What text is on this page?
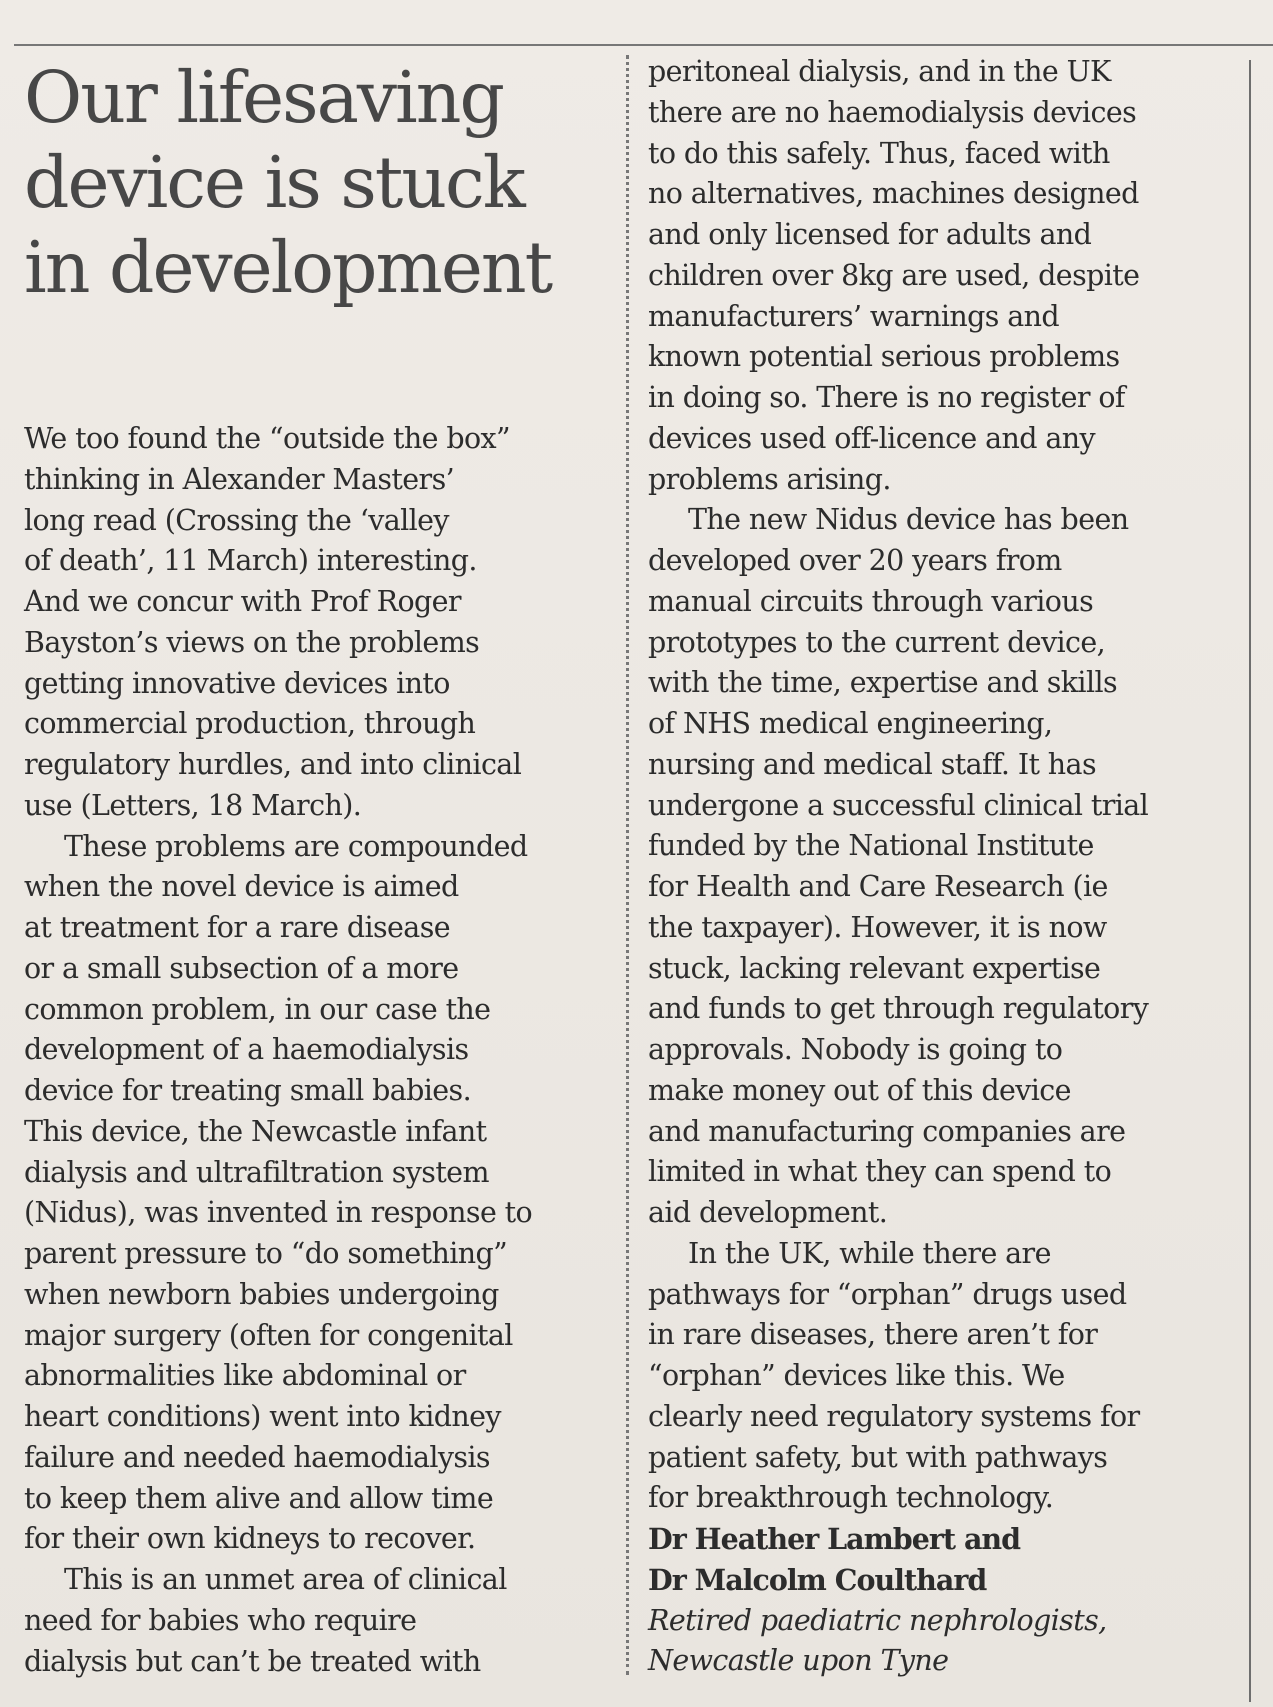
Our lifesaving
device is stuck
in development
We too found the “outside the box”
thinking in Alexander Masters’
long read (Crossing the ‘valley
of death’, 11 March) interesting.
And we concur with Prof Roger
Bayston’s views on the problems
getting innovative devices into
commercial production, through
regulatory hurdles, and into clinical
use (Letters, 18 March).
These problems are compounded
when the novel device is aimed
at treatment for a rare disease
or a small subsection of a more
common problem, in our case the
development of a haemodialysis
device for treating small babies.
This device, the Newcastle infant
dialysis and ultrafiltration system
(Nidus), was invented in response to
parent pressure to “do something”
when newborn babies undergoing
major surgery (often for congenital
abnormalities like abdominal or
heart conditions) went into kidney
failure and needed haemodialysis
to keep them alive and allow time
for their own kidneys to recover.
This is an unmet area of clinical
need for babies who require
dialysis but can’t be treated with
peritoneal dialysis, and in the UK
there are no haemodialysis devices
to do this safely. Thus, faced with
no alternatives, machines designed
and only licensed for adults and
children over 8kg are used, despite
manufacturers’ warnings and
known potential serious problems
in doing so. There is no register of
devices used off-licence and any
problems arising.
The new Nidus device has been
developed over 20 years from
manual circuits through various
prototypes to the current device,
with the time, expertise and skills
of NHS medical engineering,
nursing and medical staff. It has
undergone a successful clinical trial
funded by the National Institute
for Health and Care Research (ie
the taxpayer). However, it is now
stuck, lacking relevant expertise
and funds to get through regulatory
approvals. Nobody is going to
make money out of this device
and manufacturing companies are
limited in what they can spend to
aid development.
In the UK, while there are
pathways for “orphan” drugs used
in rare diseases, there aren’t for
“orphan” devices like this. We
clearly need regulatory systems for
patient safety, but with pathways
for breakthrough technology.
Dr Heather Lambert and
Dr Malcolm Coulthard
Retired paediatric nephrologists,
Newcastle upon Tyne
